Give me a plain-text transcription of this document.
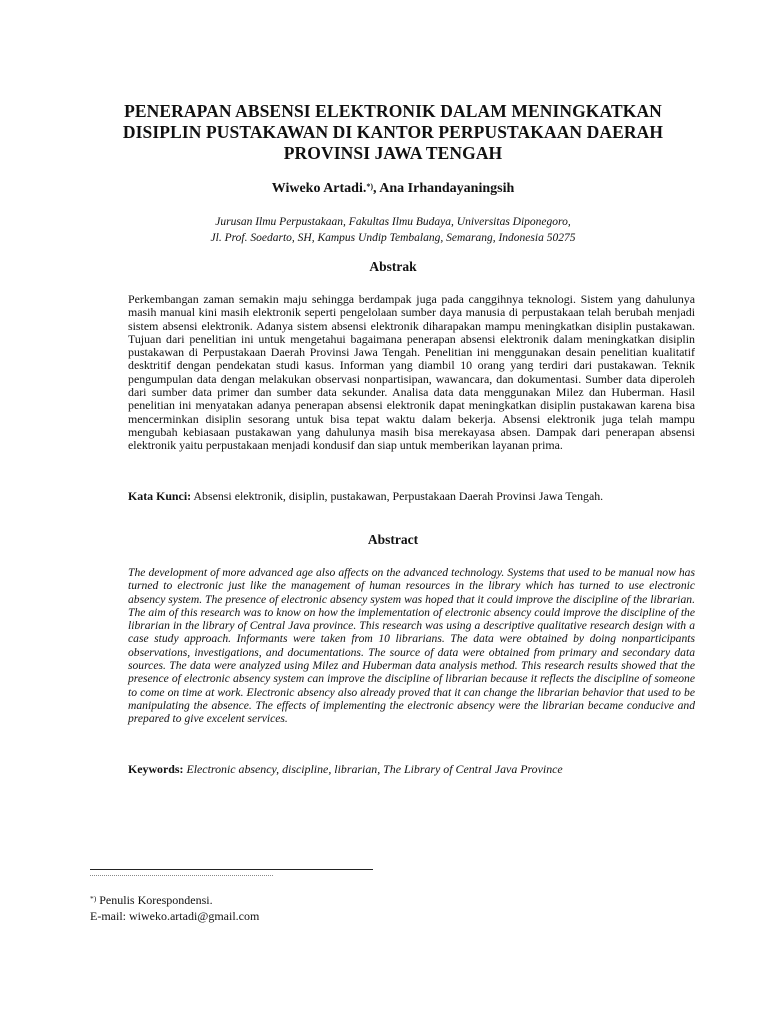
PENERAPAN ABSENSI ELEKTRONIK DALAM MENINGKATKAN
DISIPLIN PUSTAKAWAN DI KANTOR PERPUSTAKAAN DAERAH
PROVINSI JAWA TENGAH
Wiweko Artadi.*), Ana Irhandayaningsih
Jurusan Ilmu Perpustakaan, Fakultas Ilmu Budaya, Universitas Diponegoro,
Jl. Prof. Soedarto, SH, Kampus Undip Tembalang, Semarang, Indonesia 50275
Abstrak
Perkembangan zaman semakin maju sehingga berdampak juga pada canggihnya teknologi. Sistem yang dahulunya masih manual kini masih elektronik seperti pengelolaan sumber daya manusia di perpustakaan telah berubah menjadi sistem absensi elektronik. Adanya sistem absensi elektronik diharapakan mampu meningkatkan disiplin pustakawan. Tujuan dari penelitian ini untuk mengetahui bagaimana penerapan absensi elektronik dalam meningkatkan disiplin pustakawan di Perpustakaan Daerah Provinsi Jawa Tengah. Penelitian ini menggunakan desain penelitian kualitatif desktritif dengan pendekatan studi kasus. Informan yang diambil 10 orang yang terdiri dari pustakawan. Teknik pengumpulan data dengan melakukan observasi nonpartisipan, wawancara, dan dokumentasi. Sumber data diperoleh dari sumber data primer dan sumber data sekunder. Analisa data data menggunakan Milez dan Huberman. Hasil penelitian ini menyatakan adanya penerapan absensi elektronik dapat meningkatkan disiplin pustakawan karena bisa mencerminkan disiplin sesorang untuk bisa tepat waktu dalam bekerja. Absensi elektronik juga telah mampu mengubah kebiasaan pustakawan yang dahulunya masih bisa merekayasa absen. Dampak dari penerapan absensi elektronik yaitu perpustakaan menjadi kondusif dan siap untuk memberikan layanan prima.
Kata Kunci: Absensi elektronik, disiplin, pustakawan, Perpustakaan Daerah Provinsi Jawa Tengah.
Abstract
The development of more advanced age also affects on the advanced technology. Systems that used to be manual now has turned to electronic just like the management of human resources in the library which has turned to use electronic absency system. The presence of electronic absency system was hoped that it could improve the discipline of the librarian. The aim of this research was to know on how the implementation of electronic absency could improve the discipline of the librarian in the library of Central Java province. This research was using a descriptive qualitative research design with a case study approach. Informants were taken from 10 librarians. The data were obtained by doing nonparticipants observations, investigations, and documentations. The source of data were obtained from primary and secondary data sources. The data were analyzed using Milez and Huberman data analysis method. This research results showed that the presence of electronic absency system can improve the discipline of librarian because it reflects the discipline of someone to come on time at work. Electronic absency also already proved that it can change the librarian behavior that used to be manipulating the absence. The effects of implementing the electronic absency were the librarian became conducive and prepared to give excelent services.
Keywords: Electronic absency, discipline, librarian, The Library of Central Java Province
*) Penulis Korespondensi.
E-mail: wiweko.artadi@gmail.com
